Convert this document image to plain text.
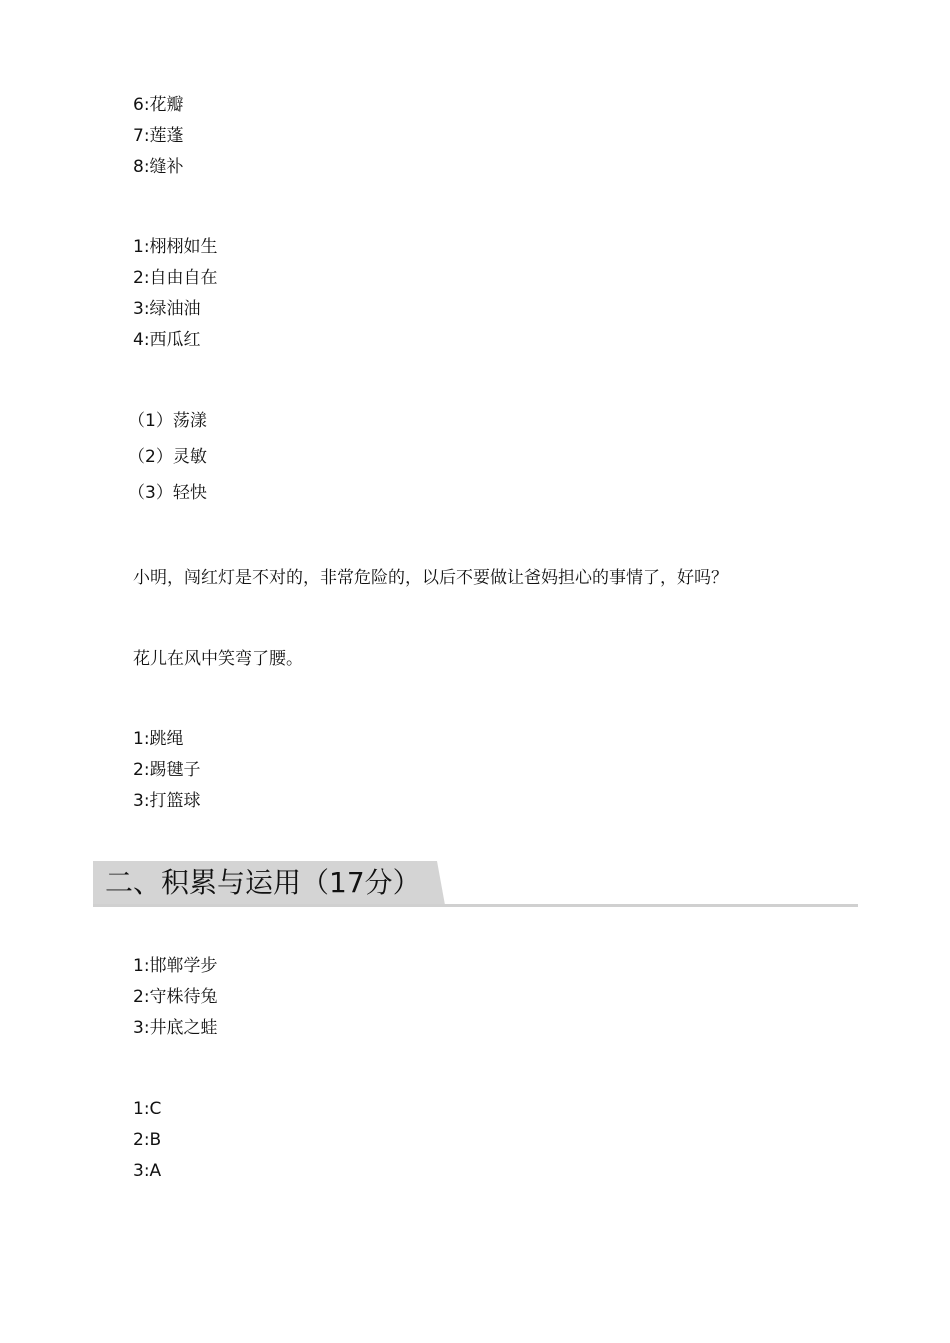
6:花瓣
7:莲蓬
8:缝补
1:栩栩如生
2:自由自在
3:绿油油
4:西瓜红
（1）荡漾
（2）灵敏
（3）轻快
小明，闯红灯是不对的，非常危险的，以后不要做让爸妈担心的事情了，好吗？
花儿在风中笑弯了腰。
1:跳绳
2:踢毽子
3:打篮球
二、积累与运用（17分）
1:邯郸学步
2:守株待兔
3:井底之蛙
1:C
2:B
3:A
